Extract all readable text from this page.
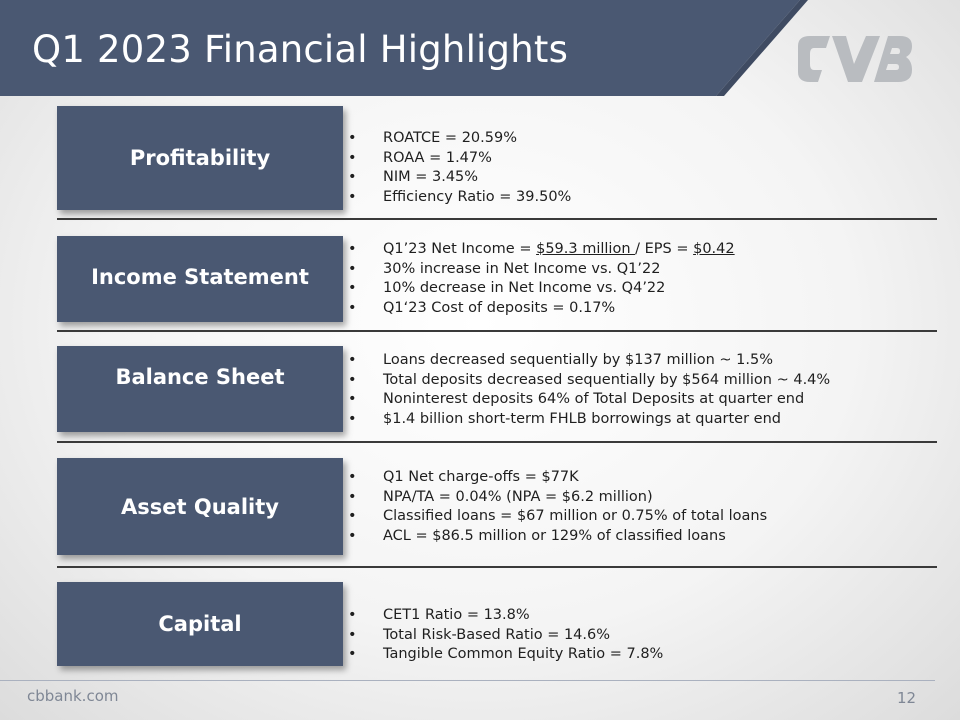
Q1 2023 Financial Highlights
Profitability
• ROATCE = 20.59%
• ROAA = 1.47%
• NIM = 3.45%
• Efficiency Ratio = 39.50%
Income Statement
• Q1’23 Net Income = $59.3 million / EPS = $0.42
• 30% increase in Net Income vs. Q1’22
• 10% decrease in Net Income vs. Q4’22
• Q1‘23 Cost of deposits = 0.17%
Balance Sheet
• Loans decreased sequentially by $137 million ~ 1.5%
• Total deposits decreased sequentially by $564 million ~ 4.4%
• Noninterest deposits 64% of Total Deposits at quarter end
• $1.4 billion short-term FHLB borrowings at quarter end
Asset Quality
• Q1 Net charge-offs = $77K
• NPA/TA = 0.04% (NPA = $6.2 million)
• Classified loans = $67 million or 0.75% of total loans
• ACL = $86.5 million or 129% of classified loans
Capital
•	CET1 Ratio = 13.8%
• Total Risk-Based Ratio = 14.6%
• Tangible Common Equity Ratio = 7.8%
cbbank.com	12
